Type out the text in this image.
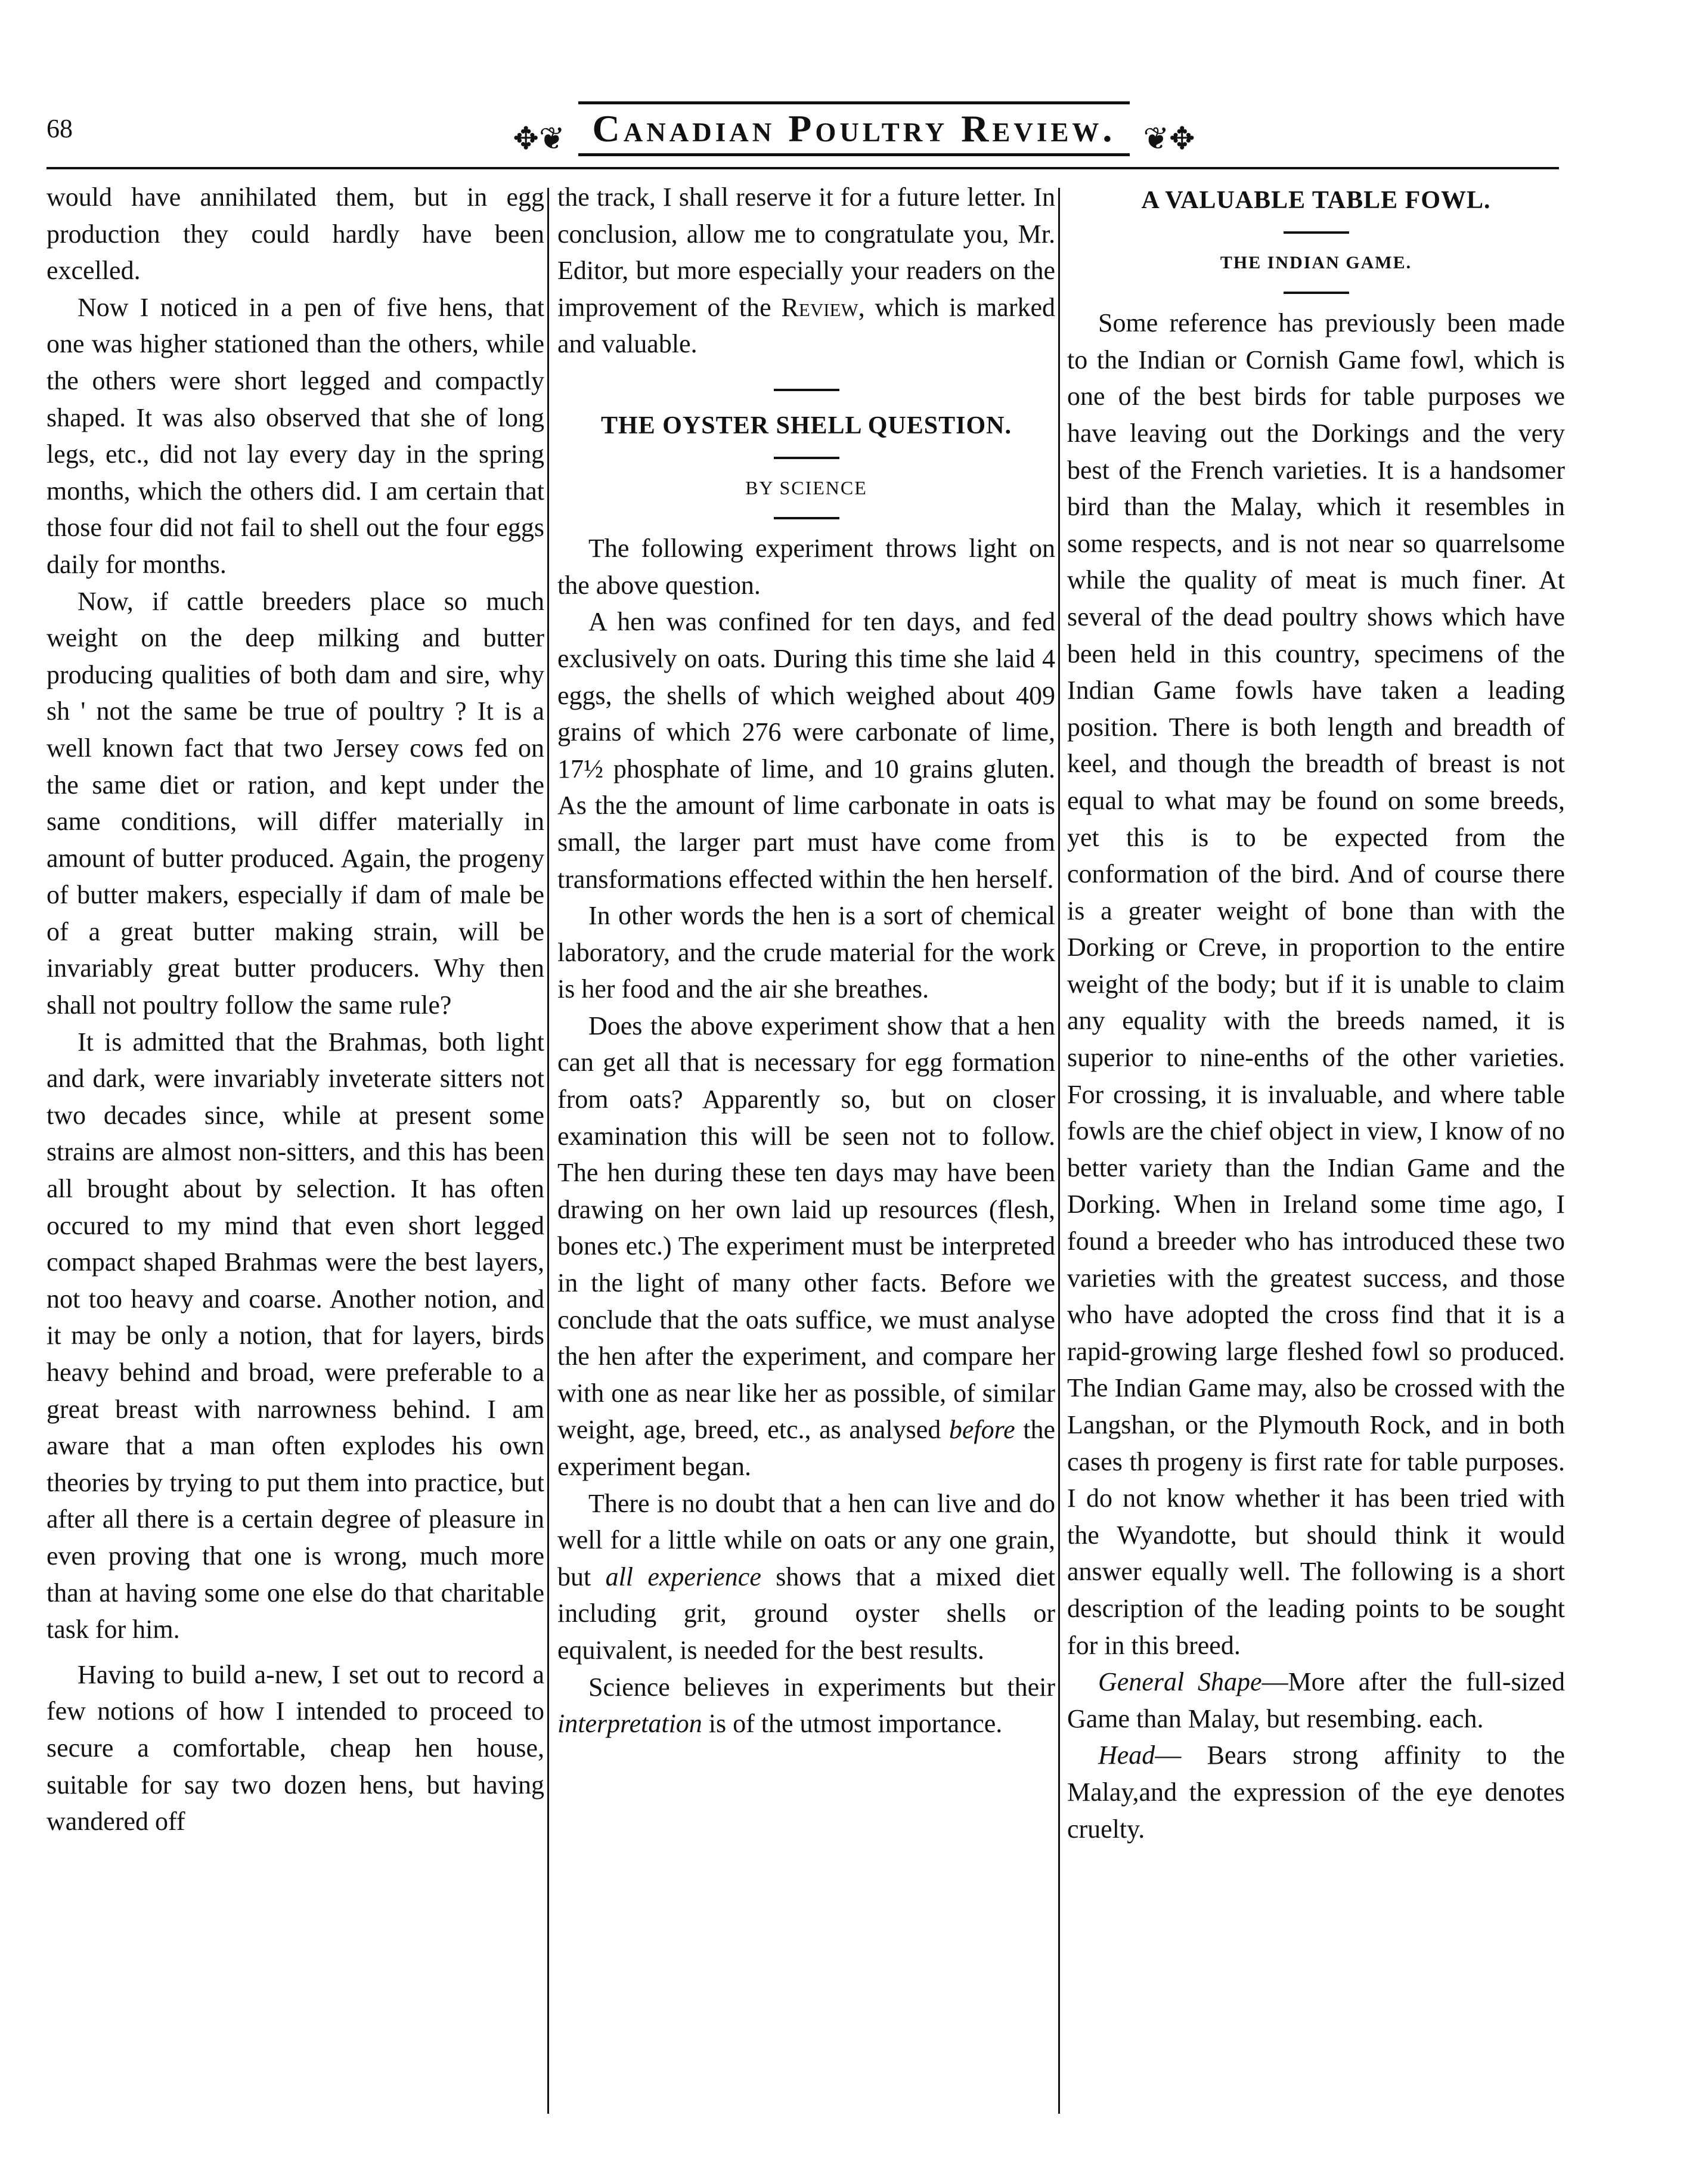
68	✥❦ Canadian Poultry Review. ❦✥

would have annihilated them, but in egg production they could hardly have been excelled.

Now I noticed in a pen of five hens, that one was higher stationed than the others, while the others were short legged and compactly shaped. It was also observed that she of long legs, etc., did not lay every day in the spring months, which the others did. I am certain that those four did not fail to shell out the four eggs daily for months.

Now, if cattle breeders place so much weight on the deep milking and butter producing qualities of both dam and sire, why sh ' not the same be true of poultry ? It is a well known fact that two Jersey cows fed on the same diet or ration, and kept under the same conditions, will differ materially in amount of butter produced. Again, the progeny of butter makers, especially if dam of male be of a great butter making strain, will be invariably great butter producers. Why then shall not poultry follow the same rule?

It is admitted that the Brahmas, both light and dark, were invariably inveterate sitters not two decades since, while at present some strains are almost non-sitters, and this has been all brought about by selection. It has often occured to my mind that even short legged compact shaped Brahmas were the best layers, not too heavy and coarse. Another notion, and it may be only a notion, that for layers, birds heavy behind and broad, were preferable to a great breast with narrowness behind. I am aware that a man often explodes his own theories by trying to put them into practice, but after all there is a certain degree of pleasure in even proving that one is wrong, much more than at having some one else do that charitable task for him.

Having to build a-new, I set out to record a few notions of how I intended to proceed to secure a comfortable, cheap hen house, suitable for say two dozen hens, but having wandered off

the track, I shall reserve it for a future letter. In conclusion, allow me to congratulate you, Mr. Editor, but more especially your readers on the improvement of the Review, which is marked and valuable.

THE OYSTER SHELL QUESTION.
BY SCIENCE

The following experiment throws light on the above question.

A hen was confined for ten days, and fed exclusively on oats. During this time she laid 4 eggs, the shells of which weighed about 409 grains of which 276 were carbonate of lime, 17½ phosphate of lime, and 10 grains gluten. As the the amount of lime carbonate in oats is small, the larger part must have come from transformations effected within the hen herself.

In other words the hen is a sort of chemical laboratory, and the crude material for the work is her food and the air she breathes.

Does the above experiment show that a hen can get all that is necessary for egg formation from oats? Apparently so, but on closer examination this will be seen not to follow. The hen during these ten days may have been drawing on her own laid up resources (flesh, bones etc.) The experiment must be interpreted in the light of many other facts. Before we conclude that the oats suffice, we must analyse the hen after the experiment, and compare her with one as near like her as possible, of similar weight, age, breed, etc., as analysed before the experiment began.

There is no doubt that a hen can live and do well for a little while on oats or any one grain, but all experience shows that a mixed diet including grit, ground oyster shells or equivalent, is needed for the best results.

Science believes in experiments but their interpretation is of the utmost importance.

A VALUABLE TABLE FOWL.
THE INDIAN GAME.

Some reference has previously been made to the Indian or Cornish Game fowl, which is one of the best birds for table purposes we have leaving out the Dorkings and the very best of the French varieties. It is a handsomer bird than the Malay, which it resembles in some respects, and is not near so quarrelsome while the quality of meat is much finer. At several of the dead poultry shows which have been held in this country, specimens of the Indian Game fowls have taken a leading position. There is both length and breadth of keel, and though the breadth of breast is not equal to what may be found on some breeds, yet this is to be expected from the conformation of the bird. And of course there is a greater weight of bone than with the Dorking or Creve, in proportion to the entire weight of the body; but if it is unable to claim any equality with the breeds named, it is superior to nine-enths of the other varieties. For crossing, it is invaluable, and where table fowls are the chief object in view, I know of no better variety than the Indian Game and the Dorking. When in Ireland some time ago, I found a breeder who has introduced these two varieties with the greatest success, and those who have adopted the cross find that it is a rapid-growing large fleshed fowl so produced. The Indian Game may, also be crossed with the Langshan, or the Plymouth Rock, and in both cases th progeny is first rate for table purposes. I do not know whether it has been tried with the Wyandotte, but should think it would answer equally well. The following is a short description of the leading points to be sought for in this breed.

General Shape—More after the full-sized Game than Malay, but resembing. each.

Head— Bears strong affinity to the Malay,and the expression of the eye denotes cruelty.
